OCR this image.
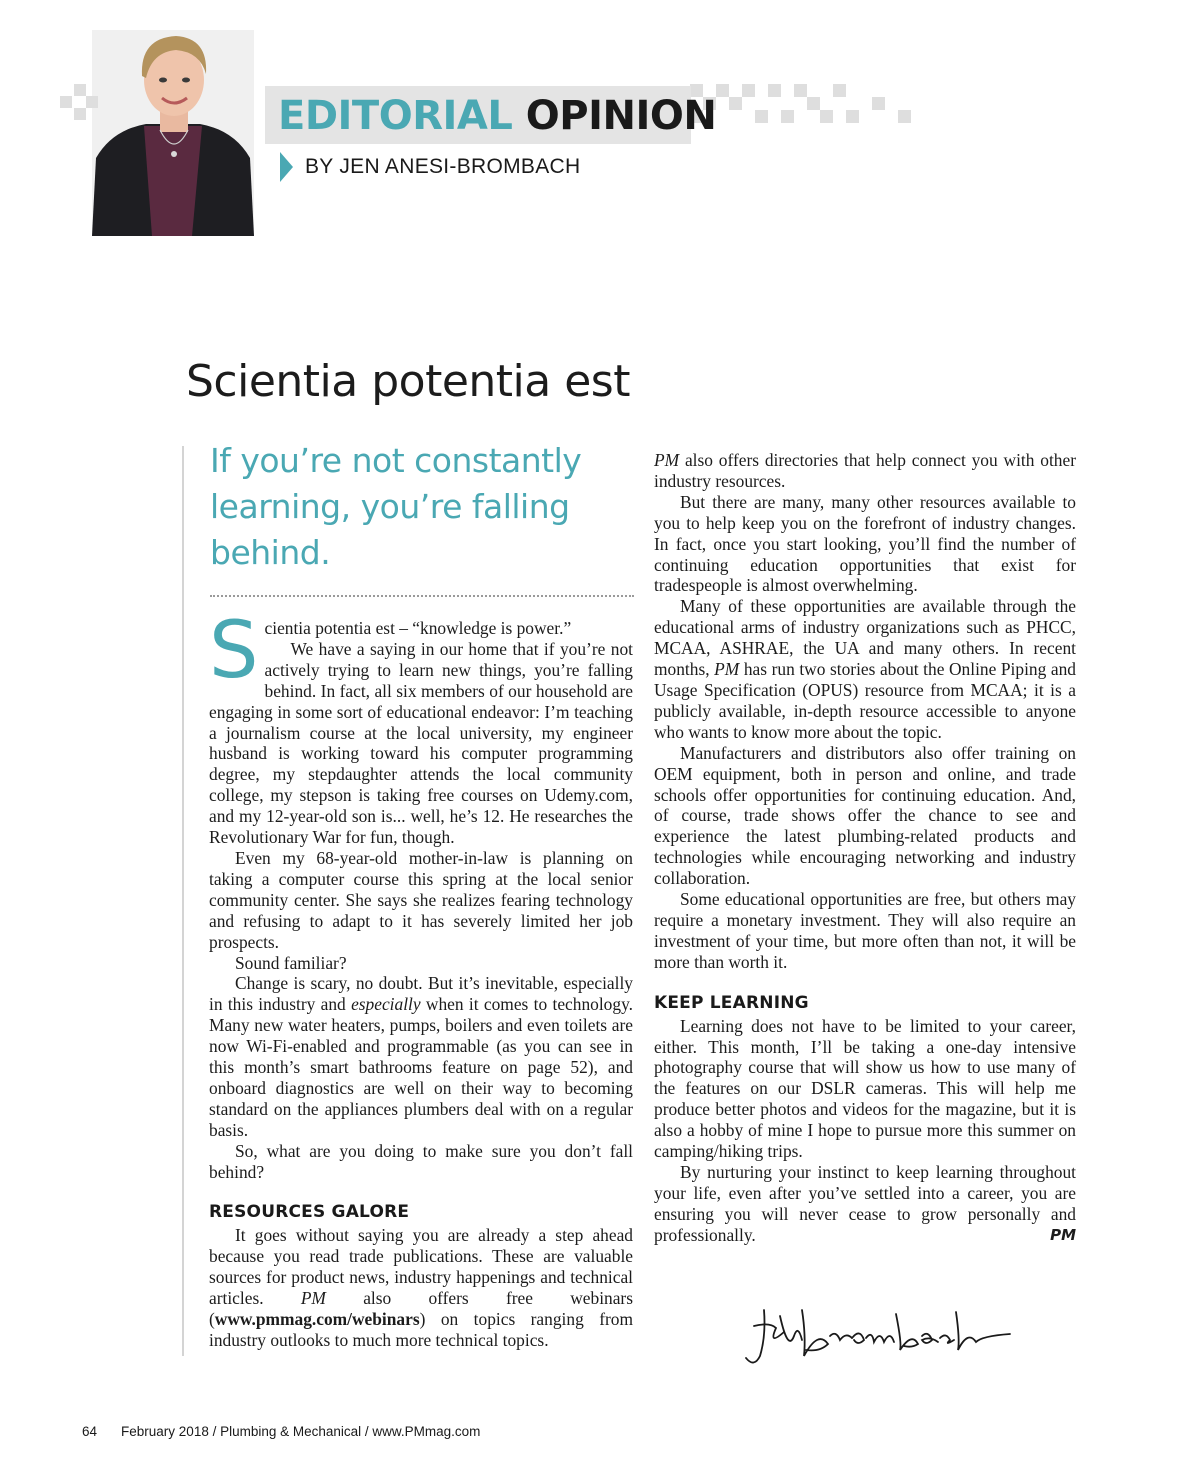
EDITORIAL OPINION
BY JEN ANESI-BROMBACH
Scientia potentia est
If you’re not constantly learning, you’re falling behind.

Scientia potentia est – “knowledge is power.”

We have a saying in our home that if you’re not actively trying to learn new things, you’re falling behind. In fact, all six members of our household are engaging in some sort of educational endeavor: I’m teaching a journalism course at the local university, my engineer husband is working toward his computer programming degree, my stepdaughter attends the local community college, my stepson is taking free courses on Udemy.com, and my 12-year-old son is... well, he’s 12. He researches the Revolutionary War for fun, though.

Even my 68-year-old mother-in-law is planning on taking a computer course this spring at the local senior community center. She says she realizes fearing technology and refusing to adapt to it has severely limited her job prospects.

Sound familiar?

Change is scary, no doubt. But it’s inevitable, especially in this industry and especially when it comes to technology. Many new water heaters, pumps, boilers and even toilets are now Wi-Fi-enabled and programmable (as you can see in this month’s smart bathrooms feature on page 52), and onboard diagnostics are well on their way to becoming standard on the appliances plumbers deal with on a regular basis.

So, what are you doing to make sure you don’t fall behind?

RESOURCES GALORE

It goes without saying you are already a step ahead because you read trade publications. These are valuable sources for product news, industry happenings and technical articles. PM also offers free webinars (www.pmmag.com/webinars) on topics ranging from industry outlooks to much more technical topics.

PM also offers directories that help connect you with other industry resources.

But there are many, many other resources available to you to help keep you on the forefront of industry changes. In fact, once you start looking, you’ll find the number of continuing education opportunities that exist for tradespeople is almost overwhelming.

Many of these opportunities are available through the educational arms of industry organizations such as PHCC, MCAA, ASHRAE, the UA and many others. In recent months, PM has run two stories about the Online Piping and Usage Specification (OPUS) resource from MCAA; it is a publicly available, in-depth resource accessible to anyone who wants to know more about the topic.

Manufacturers and distributors also offer training on OEM equipment, both in person and online, and trade schools offer opportunities for continuing education. And, of course, trade shows offer the chance to see and experience the latest plumbing-related products and technologies while encouraging networking and industry collaboration.

Some educational opportunities are free, but others may require a monetary investment. They will also require an investment of your time, but more often than not, it will be more than worth it.

KEEP LEARNING

Learning does not have to be limited to your career, either. This month, I’ll be taking a one-day intensive photography course that will show us how to use many of the features on our DSLR cameras. This will help me produce better photos and videos for the magazine, but it is also a hobby of mine I hope to pursue more this summer on camping/hiking trips.

By nurturing your instinct to keep learning throughout your life, even after you’ve settled into a career, you are ensuring you will never cease to grow personally and professionally.	PM

64 February 2018 / Plumbing & Mechanical / www.PMmag.com
